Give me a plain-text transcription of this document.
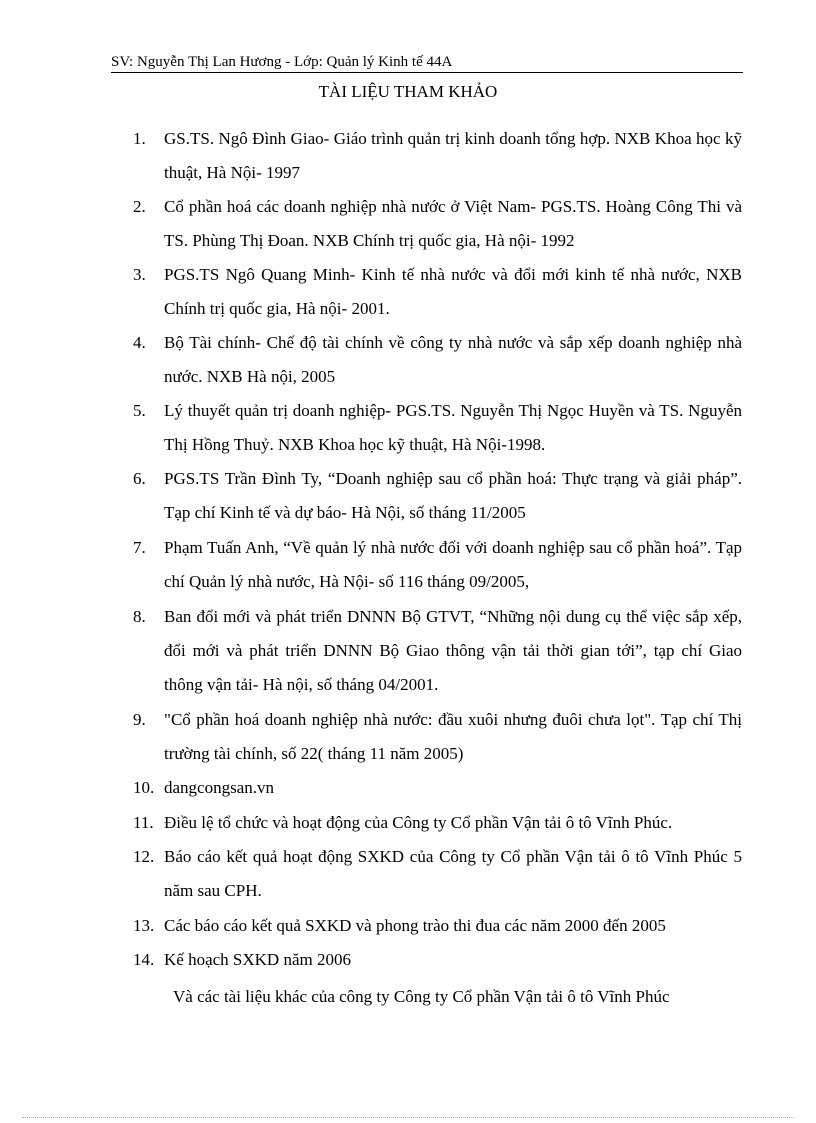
SV: Nguyễn Thị Lan Hương - Lớp: Quản lý Kinh tế 44A
TÀI LIỆU THAM KHẢO
1.	GS.TS. Ngô Đình Giao- Giáo trình quản trị kinh doanh tổng hợp. NXB Khoa học kỹ thuật, Hà Nội- 1997
2.	Cổ phần hoá các doanh nghiệp nhà nước ở Việt Nam- PGS.TS. Hoàng Công Thi và TS. Phùng Thị Đoan. NXB Chính trị quốc gia, Hà nội- 1992
3.	PGS.TS Ngô Quang Minh- Kinh tế nhà nước và đổi mới kinh tế nhà nước, NXB Chính trị quốc gia, Hà nội- 2001.
4.	Bộ Tài chính- Chế độ tài chính về công ty nhà nước và sắp xếp doanh nghiệp nhà nước. NXB Hà nội, 2005
5.	Lý thuyết quản trị doanh nghiệp- PGS.TS. Nguyễn Thị Ngọc Huyền và TS. Nguyễn Thị Hồng Thuỷ. NXB Khoa học kỹ thuật, Hà Nội-1998.
6.	PGS.TS Trần Đình Ty, “Doanh nghiệp sau cổ phần hoá: Thực trạng và giải pháp”. Tạp chí Kinh tế và dự báo- Hà Nội, số tháng 11/2005
7.	Phạm Tuấn Anh, “Về quản lý nhà nước đối với doanh nghiệp sau cổ phần hoá”. Tạp chí Quản lý nhà nước, Hà Nội- số 116 tháng 09/2005,
8.	Ban đổi mới và phát triển DNNN Bộ GTVT, “Những nội dung cụ thể việc sắp xếp, đổi mới và phát triển DNNN Bộ Giao thông vận tải thời gian tới”, tạp chí Giao thông vận tải- Hà nội, số tháng 04/2001.
9.	"Cổ phần hoá doanh nghiệp nhà nước: đầu xuôi nhưng đuôi chưa lọt". Tạp chí Thị trường tài chính, số 22( tháng 11 năm 2005)
10. dangcongsan.vn
11. Điều lệ tổ chức và hoạt động của Công ty Cổ phần Vận tải ô tô Vĩnh Phúc.
12. Báo cáo kết quả hoạt động SXKD của Công ty Cổ phần Vận tải ô tô Vĩnh Phúc 5 năm sau CPH.
13. Các báo cáo kết quả SXKD và phong trào thi đua các năm 2000 đến 2005
14. Kế hoạch SXKD năm 2006
Và các tài liệu khác của công ty Công ty Cổ phần Vận tải ô tô Vĩnh Phúc
